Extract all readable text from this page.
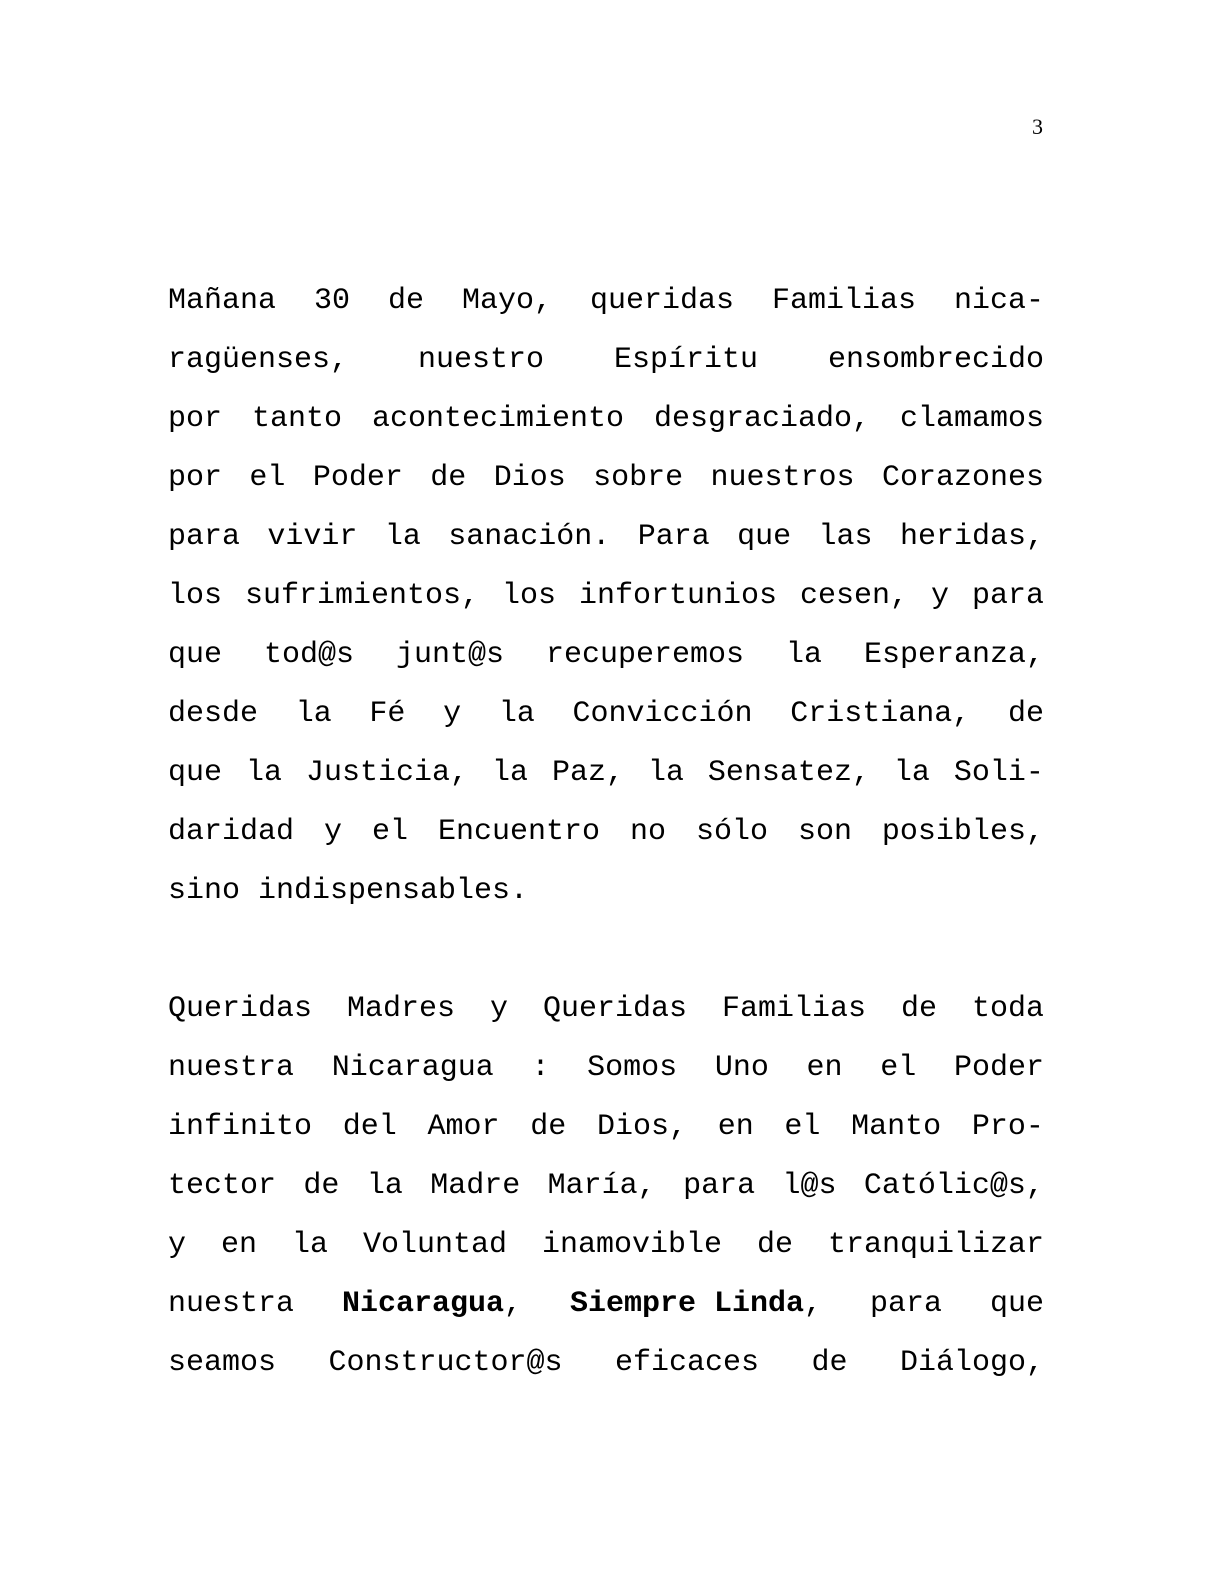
3
Mañana 30 de Mayo, queridas Familias nica-
ragüenses, nuestro Espíritu ensombrecido
por tanto acontecimiento desgraciado, clamamos
por el Poder de Dios sobre nuestros Corazones
para vivir la sanación. Para que las heridas,
los sufrimientos, los infortunios cesen, y para
que tod@s junt@s recuperemos la Esperanza,
desde la Fé y la Convicción Cristiana, de
que la Justicia, la Paz, la Sensatez, la Soli-
daridad y el Encuentro no sólo son posibles,
sino indispensables.
Queridas Madres y Queridas Familias de toda
nuestra Nicaragua : Somos Uno en el Poder
infinito del Amor de Dios, en el Manto Pro-
tector de la Madre María, para l@s Católic@s,
y en la Voluntad inamovible de tranquilizar
nuestra Nicaragua, Siempre Linda, para que
seamos Constructor@s eficaces de Diálogo,
